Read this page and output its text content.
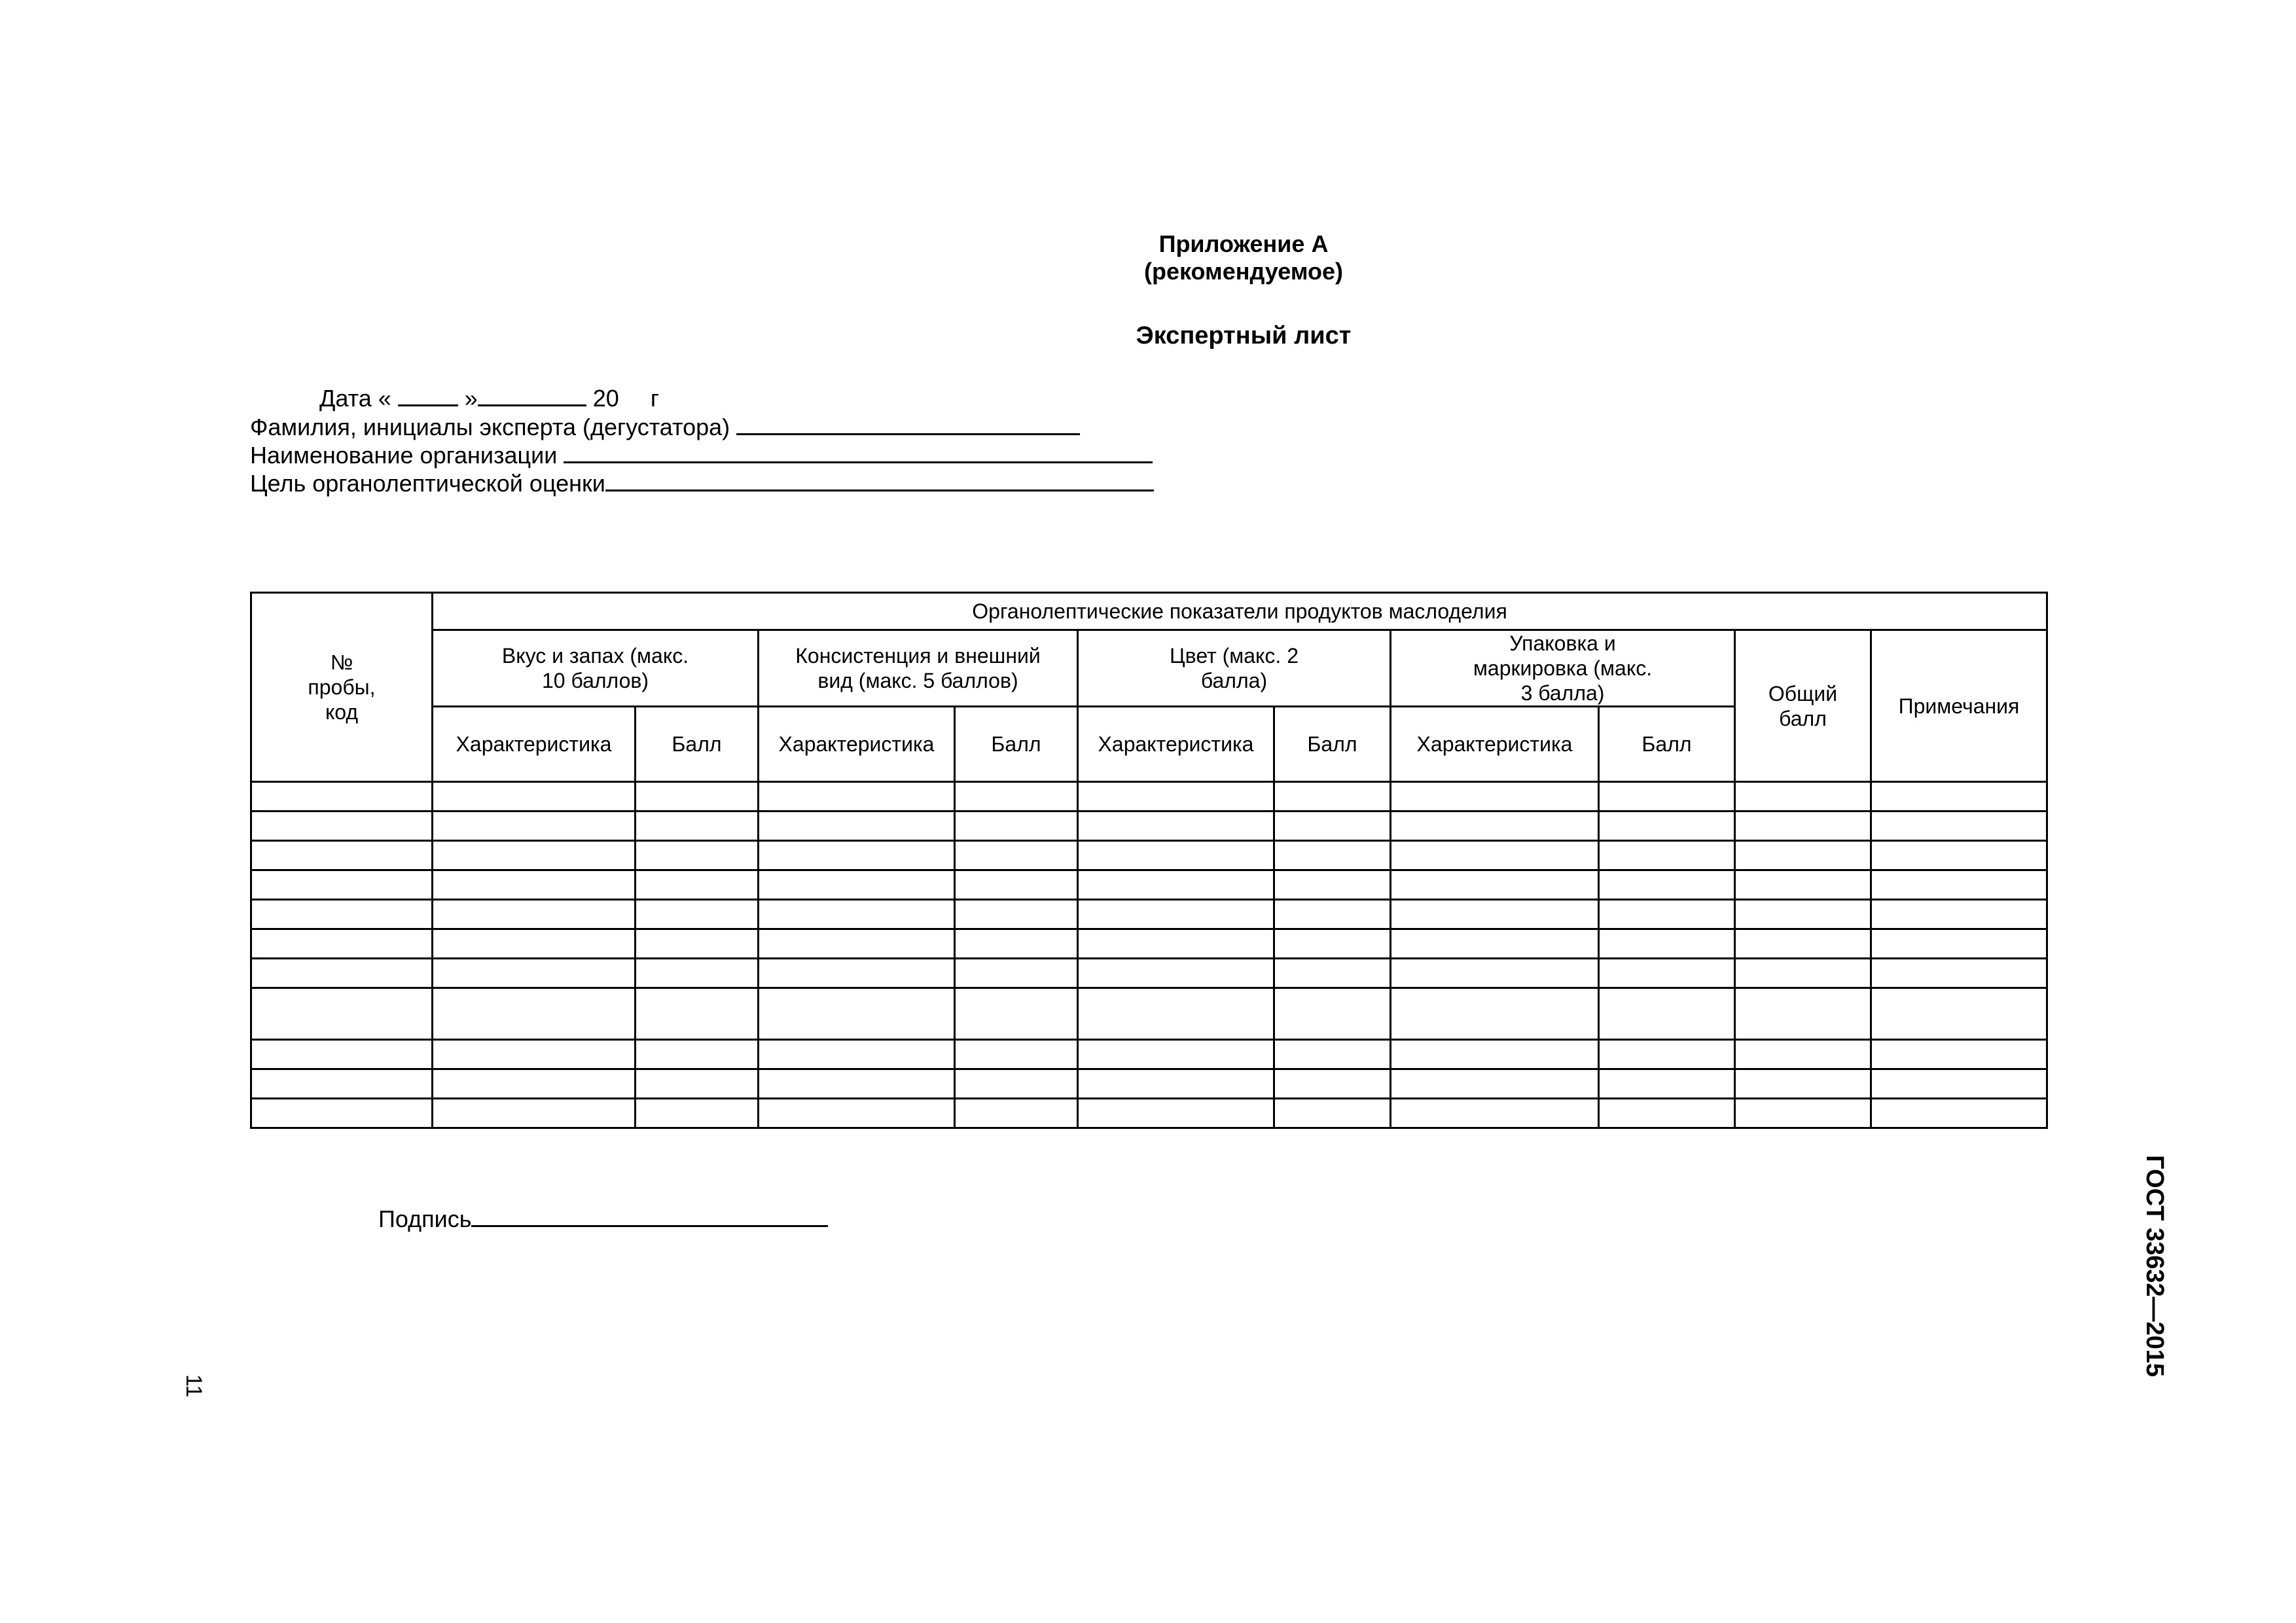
Приложение А
(рекомендуемое)
Экспертный лист
Дата «	»	20 г
Фамилия, инициалы эксперта (дегустатора)
Наименование организации
Цель органолептической оценки
№ пробы, код	Органолептические показатели продуктов маслоделия									
	Вкус и запах (макс. 10 баллов)		Консистенция и внешний вид (макс. 5 баллов)		Цвет (макс. 2 балла)		Упаковка и маркировка (макс. 3 балла)		Общий балл	Примечания
	Характеристика	Балл	Характеристика	Балл	Характеристика	Балл	Характеристика	Балл		

Подпись	ГОСТ 33632—2015
11
